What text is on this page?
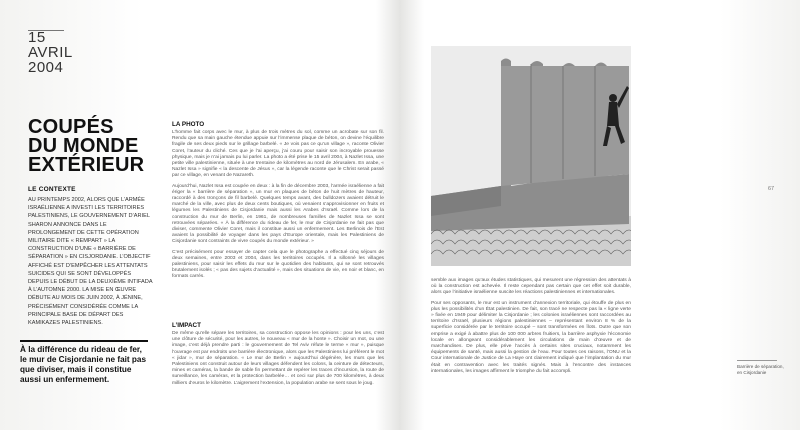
15
AVRIL
2004
COUPÉS
DU MONDE
EXTÉRIEUR
LE CONTEXTE
AU PRINTEMPS 2002, ALORS QUE L’ARMÉE ISRAÉLIENNE A INVESTI LES TERRITOIRES PALESTINIENS, LE GOUVERNEMENT D’ARIEL SHARON ANNONCE DANS LE PROLONGEMENT DE CETTE OPÉRATION MILITAIRE DITE « REMPART » LA CONSTRUCTION D’UNE « BARRIÈRE DE SÉPARATION » EN CISJORDANIE. L’OBJECTIF AFFICHÉ EST D’EMPÊCHER LES ATTENTATS SUICIDES QUI SE SONT DÉVELOPPÉS DEPUIS LE DÉBUT DE LA DEUXIÈME INTIFADA À L’AUTOMNE 2000. LA MISE EN ŒUVRE DÉBUTE AU MOIS DE JUIN 2002, À JÉNINE, PRÉCISÉMENT CONSIDÉRÉE COMME LA PRINCIPALE BASE DE DÉPART DES KAMIKAZES PALESTINIENS.
À la différence du rideau de fer, le mur de Cisjordanie ne fait pas que diviser, mais il constitue aussi un enfermement.
LA PHOTO

L’homme fait corps avec le mur, à plus de trois mètres du sol, comme un acrobate sur son fil. Rendu que sa main gauche étendue appuie sur l’immense plaque de béton, on devine l’équilibre fragile de ses deux pieds sur le grillage barbelé. « Je vois pas ce qu’un village », raconte Olivier Coret, l’auteur du cliché. Ces que je l’ai aperçu, j’ai couru pour saisir son incroyable prouesse physique, mais je n’ai jamais pu lui parler. La photo a été prise le 15 avril 2004, à Nazlet Issa, une petite ville palestinienne, située à une trentaine de kilomètres au nord de Jérusalem. En arabe, « Nazlet Issa » signifie « la descente de Jésus », car la légende raconte que le Christ serait passé par ce village, en venant de Nazareth.

Aujourd’hui, Nazlet Issa est coupée en deux : à la fin de décembre 2003, l’armée israélienne a fait ériger la « barrière de séparation », un mur en plaques de béton de huit mètres de hauteur, raccordé à des tronçons de fil barbelé. Quelques temps avant, des bulldozers avaient détruit le marché de la ville, avec plus de deux cents boutiques, où venaient s’approvisionner en fruits et légumes les Palestiniens de Cisjordanie mais aussi les Arabes d’Israël. Comme lors de la construction du mur de Berlin, en 1961, de nombreuses familles de Nazlet Issa se sont retrouvées séparées. « À la différence du rideau de fer, le mur de Cisjordanie ne fait pas que diviser, commente Olivier Coret, mais il constitue aussi un enfermement. Les Berlinois de l’Est avaient la possibilité de voyager dans les pays d’Europe orientale, mais les Palestiniens de Cisjordanie sont contraints de vivre coupés du monde extérieur. »

C’est précisément pour essayer de capter cela que le photographe a effectué cinq séjours de deux semaines, entre 2003 et 2004, dans les territoires occupés. Il a sillonné les villages palestiniens, pour saisir les effets du mur sur le quotidien des habitants, qui se sont retrouvés brutalement isolés ; « pas des sujets d’actualité », mais des situations de vie, en noir et blanc, en formats carrés.

L’IMPACT

De même qu’elle sépare les territoires, sa construction oppose les opinions : pour les uns, c’est une clôture de sécurité, pour les autres, le nouveau « mur de la honte ». Choisir un mot, ou une image, c’est déjà prendre parti : le gouvernement de Tel Aviv réfute le terme « mur », puisque l’ouvrage est par endroits une barrière électronique, alors que les Palestiniens lui préfèrent le mot « jidar », mur de séparation. « Le mur de Berlin » aujourd’hui dégénère, les murs que les Palestiniens ont construit autour de leurs villages défendent les colons, la ceinture de détecteurs, mines et caméras, la bande de sable fin permettant de repérer les traces d’incursion, la route de surveillance, les caméras, et la protection barbelée… et ceci sur plus de 700 kilomètres, à deux milliers d’euros le kilomètre. L’aigrement l’extension, la population arabe se sent sous le joug.

semble aux images qu’aux études statistiques, qui mesurent une régression des attentats à où la construction est achevée. Il reste cependant pas certain que cet effet soit durable, alors que l’initiative israélienne suscite les réactions palestiniennes et internationales.

Pour ses opposants, le mur est un instrument d’annexion territoriale, qui étouffe de plus en plus les possibilités d’un État palestinien. De fait, son tracé ne respecte pas la « ligne verte » fixée en 1949 pour délimiter la Cisjordanie ; les colonies israéliennes sont raccordées au territoire d’Israël, plusieurs régions palestiniennes – représentant environ 8 % de la superficie considérée par le territoire occupé – sont transformées en îlots. Outre que son emprise a exigé à abattre plus de 100 000 arbres fruitiers, la barrière asphyxie l’économie locale en allongeant considérablement les circulations de main d’œuvre et de marchandises. De plus, elle prive l’accès à certains sites cruciaux, notamment les équipements de santé, mais aussi la gestion de l’eau. Pour toutes ces raisons, l’ONU et la Cour internationale de Justice de La Haye ont clairement indiqué que l’implantation du mur était en contravention avec les traités signés. Mais à l’encontre des instances internationales, les images affirment le triomphe du fait accompli.

67
Barrière de séparation, en Cisjordanie
